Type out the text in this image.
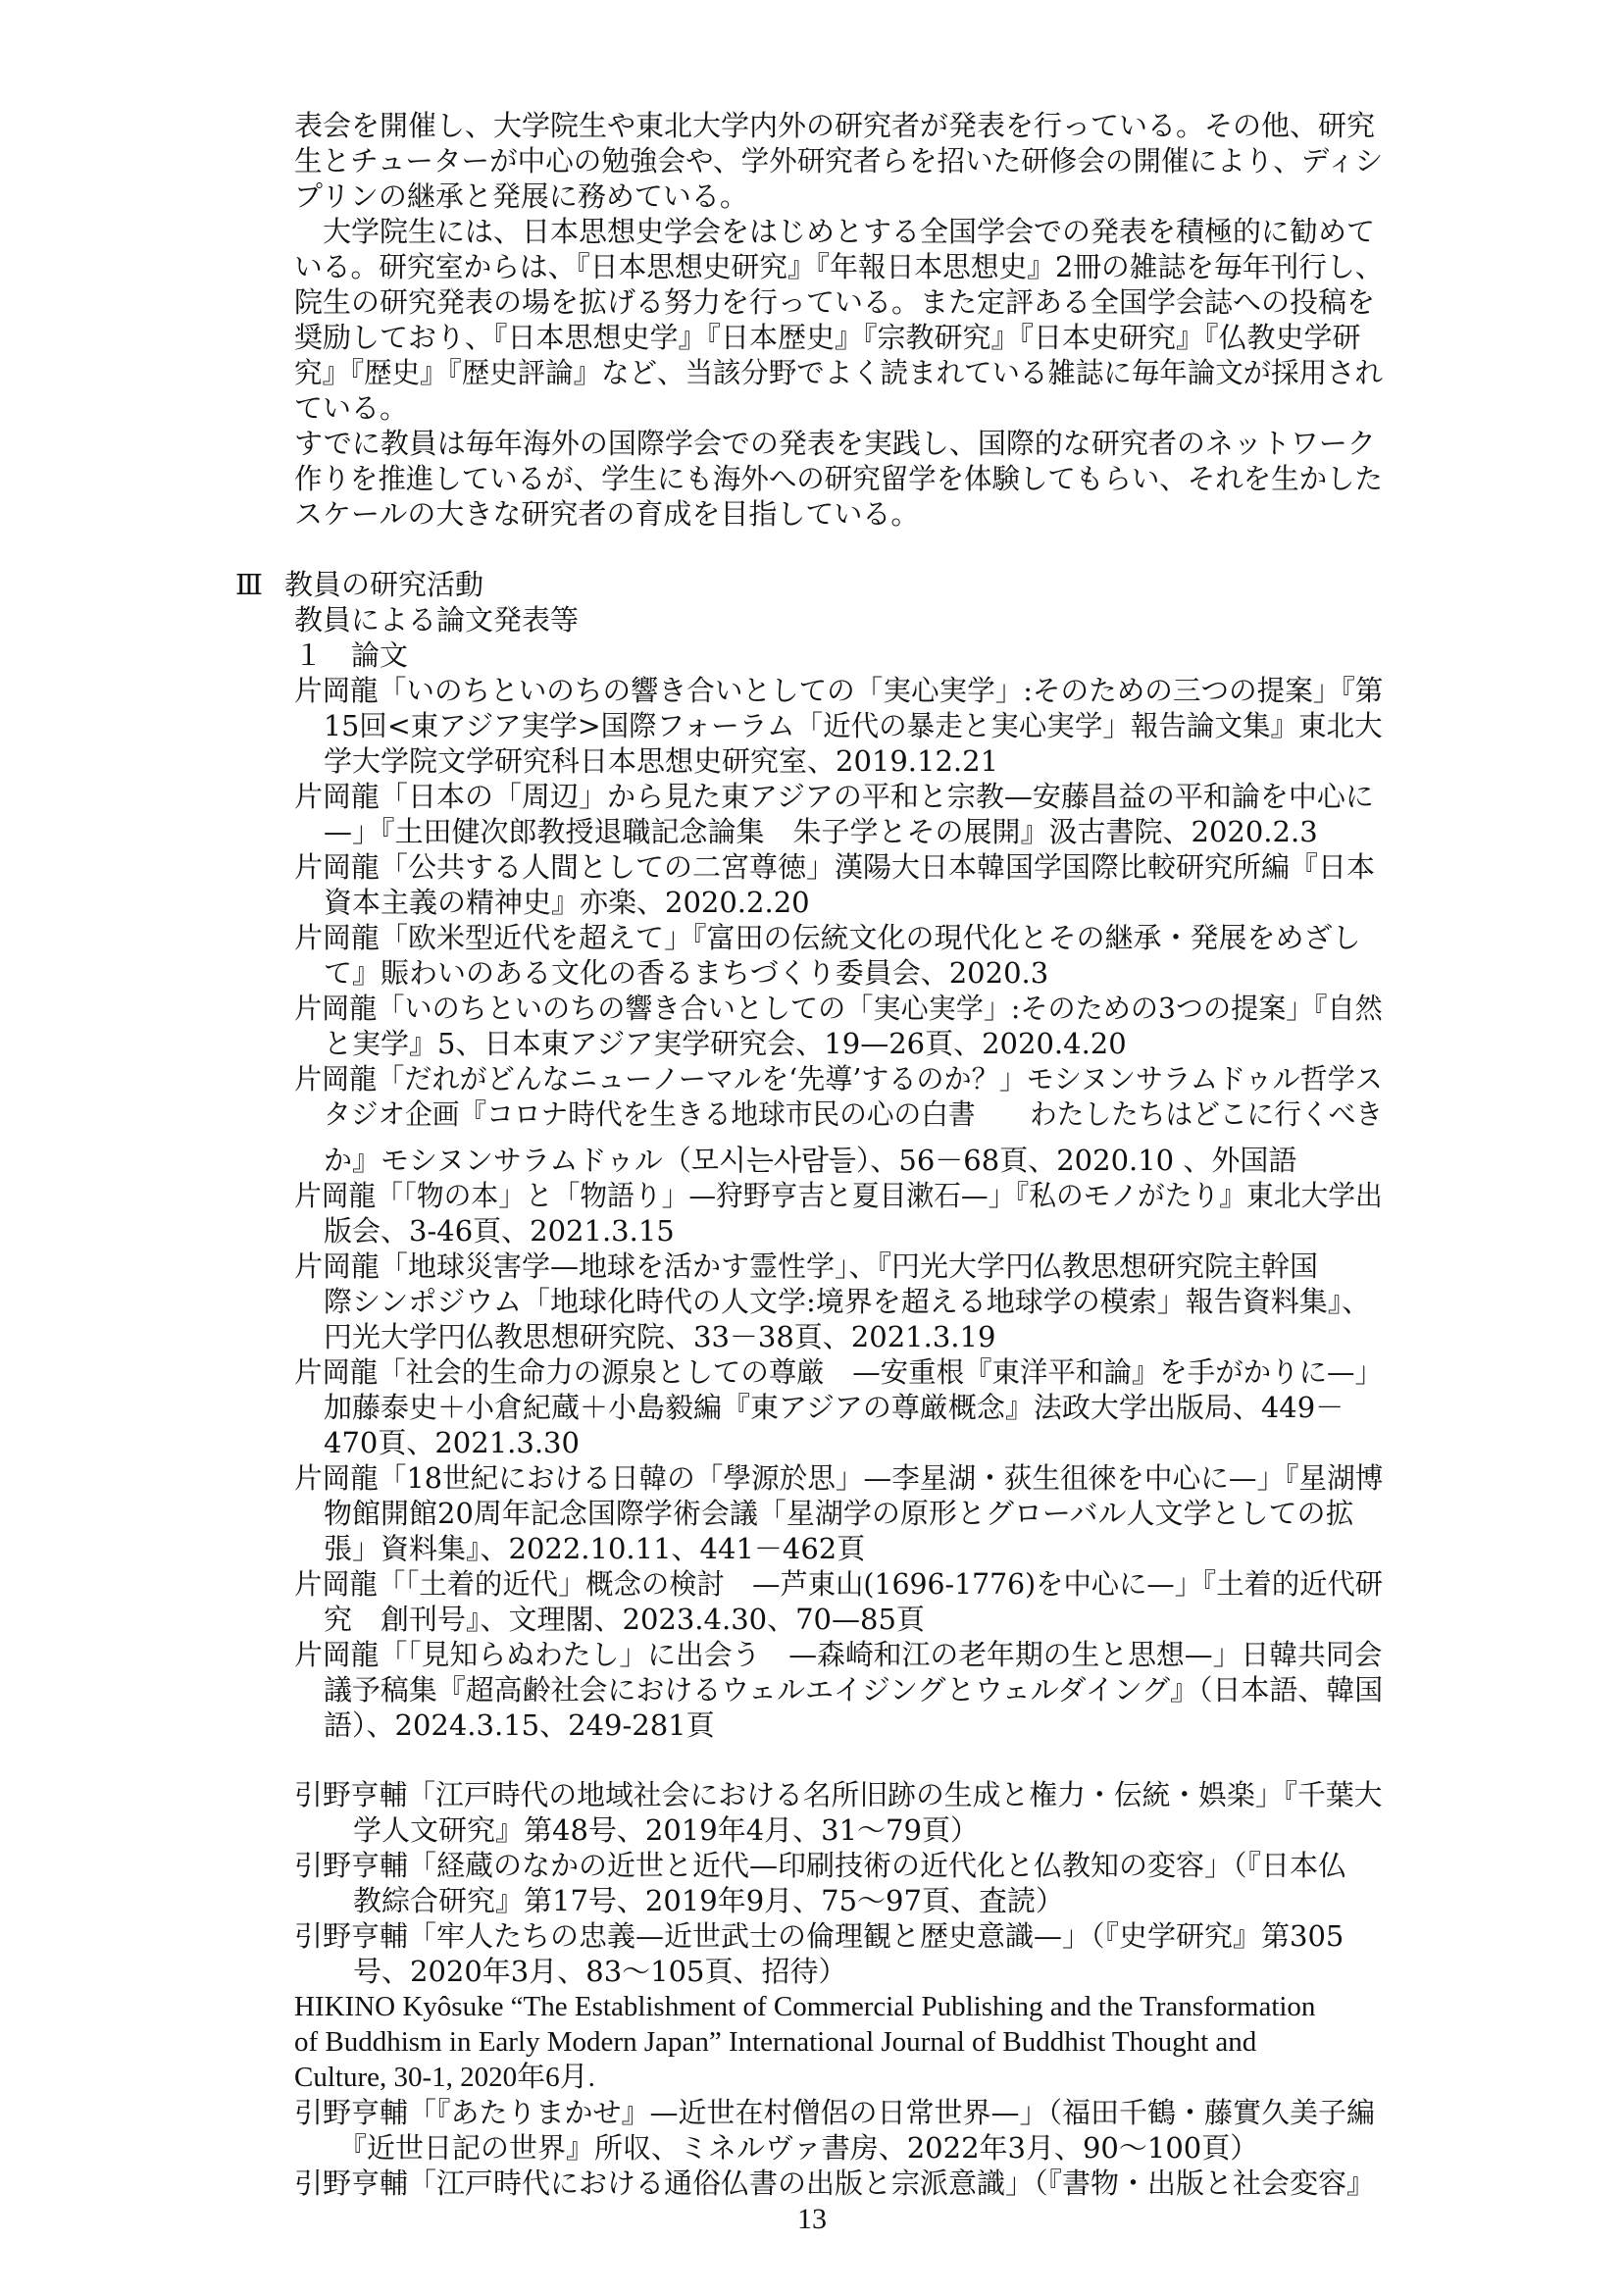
表会を開催し、大学院生や東北大学内外の研究者が発表を行っている。その他、研究
生とチューターが中心の勉強会や、学外研究者らを招いた研修会の開催により、ディシ
プリンの継承と発展に務めている。
　大学院生には、日本思想史学会をはじめとする全国学会での発表を積極的に勧めて
いる。研究室からは、『日本思想史研究』『年報日本思想史』2冊の雑誌を毎年刊行し、
院生の研究発表の場を拡げる努力を行っている。また定評ある全国学会誌への投稿を
奨励しており、『日本思想史学』『日本歴史』『宗教研究』『日本史研究』『仏教史学研
究』『歴史』『歴史評論』など、当該分野でよく読まれている雑誌に毎年論文が採用され
ている。
すでに教員は毎年海外の国際学会での発表を実践し、国際的な研究者のネットワーク
作りを推進しているが、学生にも海外への研究留学を体験してもらい、それを生かした
スケールの大きな研究者の育成を目指している。
Ⅲ 教員の研究活動
教員による論文発表等
１　論文
片岡龍「いのちといのちの響き合いとしての「実心実学」:そのための三つの提案」『第
15回<東アジア実学>国際フォーラム「近代の暴走と実心実学」報告論文集』東北大
学大学院文学研究科日本思想史研究室、2019.12.21
片岡龍「日本の「周辺」から見た東アジアの平和と宗教—安藤昌益の平和論を中心に
—」『土田健次郎教授退職記念論集　朱子学とその展開』汲古書院、2020.2.3
片岡龍「公共する人間としての二宮尊徳」漢陽大日本韓国学国際比較研究所編『日本
資本主義の精神史』亦楽、2020.2.20
片岡龍「欧米型近代を超えて」『富田の伝統文化の現代化とその継承・発展をめざし
て』賑わいのある文化の香るまちづくり委員会、2020.3
片岡龍「いのちといのちの響き合いとしての「実心実学」:そのための3つの提案」『自然
と実学』5、日本東アジア実学研究会、19—26頁、2020.4.20
片岡龍「だれがどんなニューノーマルを‘先導’するのか？」モシヌンサラムドゥル哲学ス
タジオ企画『コロナ時代を生きる地球市民の心の白書　　わたしたちはどこに行くべき
か』モシヌンサラムドゥル（모시는사람들）、56－68頁、2020.10 、外国語
片岡龍「「物の本」と「物語り」—狩野亨吉と夏目漱石—」『私のモノがたり』東北大学出
版会、3-46頁、2021.3.15
片岡龍「地球災害学—地球を活かす霊性学」、『円光大学円仏教思想研究院主幹国
際シンポジウム「地球化時代の人文学:境界を超える地球学の模索」報告資料集』、
円光大学円仏教思想研究院、33－38頁、2021.3.19
片岡龍「社会的生命力の源泉としての尊厳　—安重根『東洋平和論』を手がかりに—」
加藤泰史＋小倉紀蔵＋小島毅編『東アジアの尊厳概念』法政大学出版局、449－
470頁、2021.3.30
片岡龍「18世紀における日韓の「學源於思」—李星湖・荻生徂徠を中心に—」『星湖博
物館開館20周年記念国際学術会議「星湖学の原形とグローバル人文学としての拡
張」資料集』、2022.10.11、441－462頁
片岡龍「「土着的近代」概念の検討　—芦東山(1696-1776)を中心に—」『土着的近代研
究　創刊号』、文理閣、2023.4.30、70—85頁
片岡龍「「見知らぬわたし」に出会う　—森崎和江の老年期の生と思想—」日韓共同会
議予稿集『超高齢社会におけるウェルエイジングとウェルダイング』（日本語、韓国
語）、2024.3.15、249-281頁
引野亨輔「江戸時代の地域社会における名所旧跡の生成と権力・伝統・娯楽」『千葉大
学人文研究』第48号、2019年4月、31〜79頁）
引野亨輔「経蔵のなかの近世と近代—印刷技術の近代化と仏教知の変容」（『日本仏
教綜合研究』第17号、2019年9月、75〜97頁、査読）
引野亨輔「牢人たちの忠義—近世武士の倫理観と歴史意識—」（『史学研究』第305
号、2020年3月、83〜105頁、招待）
HIKINO Kyôsuke “The Establishment of Commercial Publishing and the Transformation
of Buddhism in Early Modern Japan” International Journal of Buddhist Thought and
Culture, 30-1, 2020年6月.
引野亨輔「『あたりまかせ』—近世在村僧侶の日常世界—」（福田千鶴・藤實久美子編
『近世日記の世界』所収、ミネルヴァ書房、2022年3月、90〜100頁）
引野亨輔「江戸時代における通俗仏書の出版と宗派意識」（『書物・出版と社会変容』
13
